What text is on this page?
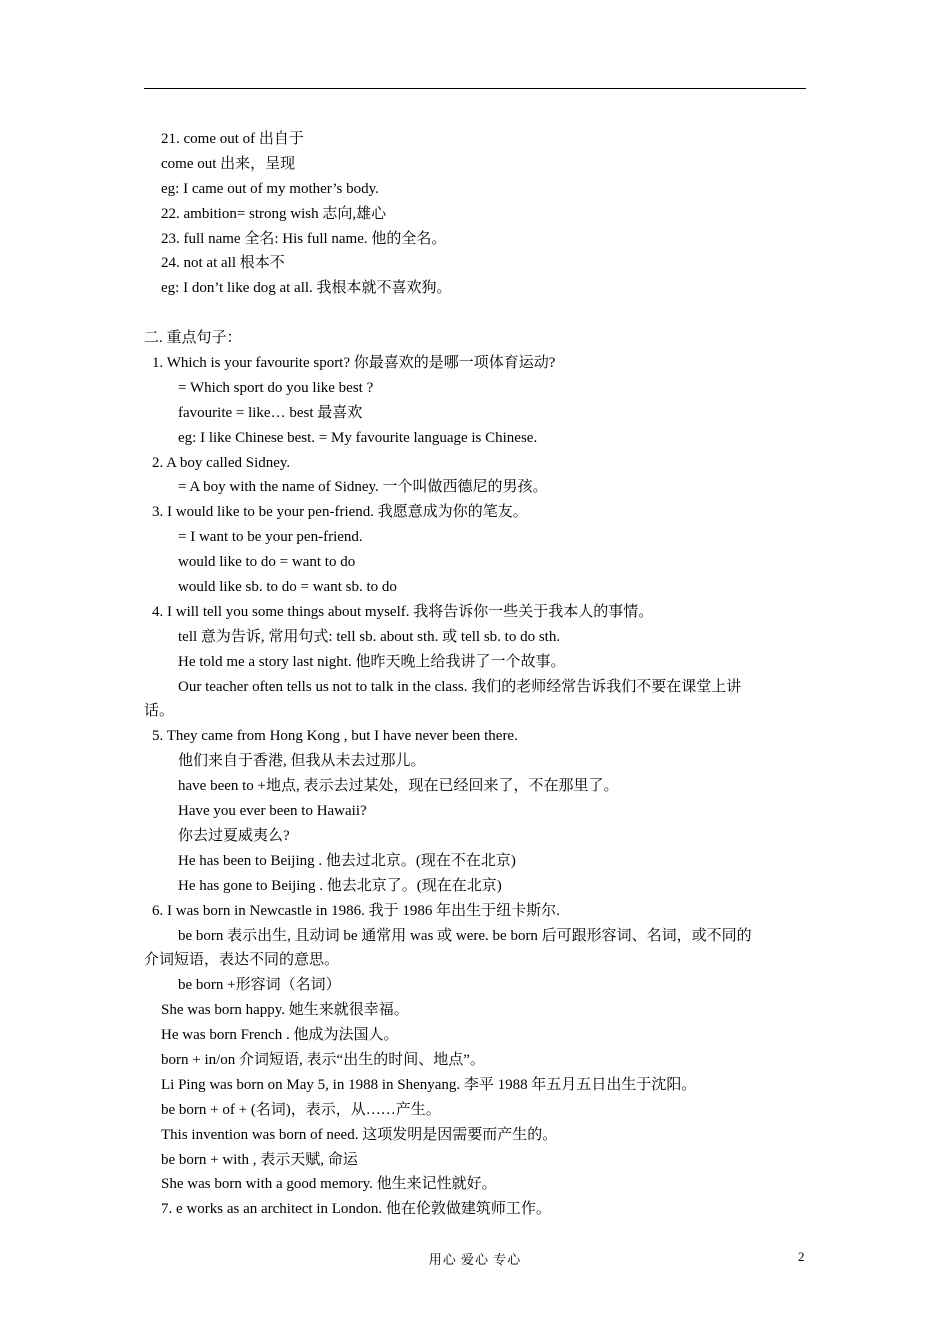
21. come out of 出自于
come out 出来，呈现
eg: I came out of my mother’s body.
22. ambition= strong wish 志向,雄心
23. full name 全名: His full name. 他的全名。
24. not at all 根本不
eg: I don’t like dog at all. 我根本就不喜欢狗。
二. 重点句子：
1. Which is your favourite sport? 你最喜欢的是哪一项体育运动?
= Which sport do you like best ?
favourite = like… best 最喜欢
eg: I like Chinese best. = My favourite language is Chinese.
2. A boy called Sidney.
= A boy with the name of Sidney. 一个叫做西德尼的男孩。
3. I would like to be your pen-friend. 我愿意成为你的笔友。
= I want to be your pen-friend.
would like to do = want to do
would like sb. to do = want sb. to do
4. I will tell you some things about myself. 我将告诉你一些关于我本人的事情。
tell 意为告诉, 常用句式: tell sb. about sth. 或 tell sb. to do sth.
He told me a story last night. 他昨天晚上给我讲了一个故事。
Our teacher often tells us not to talk in the class. 我们的老师经常告诉我们不要在课堂上讲
话。
5. They came from Hong Kong , but I have never been there.
他们来自于香港, 但我从未去过那儿。
have been to +地点, 表示去过某处，现在已经回来了，不在那里了。
Have you ever been to Hawaii?
你去过夏威夷么?
He has been to Beijing . 他去过北京。(现在不在北京)
He has gone to Beijing . 他去北京了。(现在在北京)
6. I was born in Newcastle in 1986. 我于 1986 年出生于纽卡斯尔.
be born 表示出生, 且动词 be 通常用 was 或 were. be born 后可跟形容词、名词，或不同的
介词短语，表达不同的意思。
be born +形容词（名词）
She was born happy. 她生来就很幸福。
He was born French . 他成为法国人。
born + in/on 介词短语, 表示“出生的时间、地点”。
Li Ping was born on May 5, in 1988 in Shenyang. 李平 1988 年五月五日出生于沈阳。
be born + of + (名词)，表示，从……产生。
This invention was born of need. 这项发明是因需要而产生的。
be born + with , 表示天赋, 命运
She was born with a good memory. 他生来记性就好。
7. e works as an architect in London. 他在伦敦做建筑师工作。
用心 爱心 专心	2
